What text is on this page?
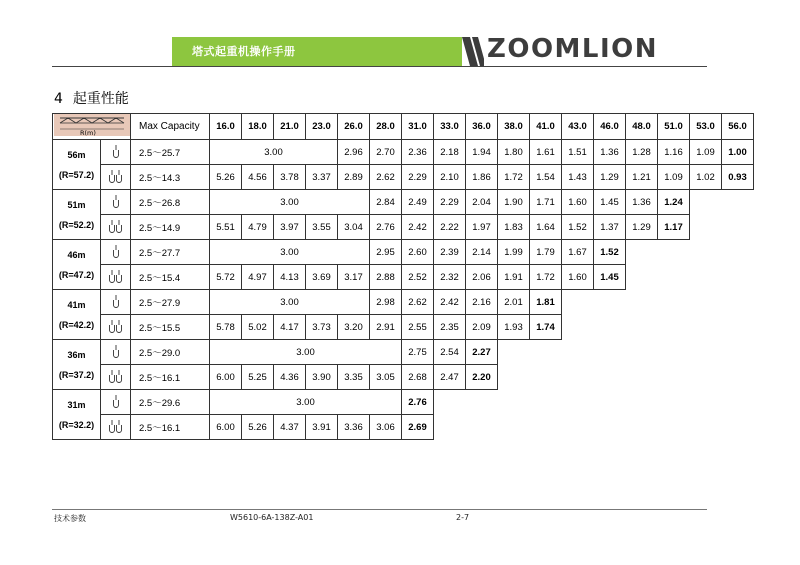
塔式起重机操作手册	ZOOMLION
4 起重性能
R(m)		Max Capacity	16.0	18.0	21.0	23.0	26.0	28.0	31.0	33.0	36.0	38.0	41.0	43.0	46.0	48.0	51.0	53.0	56.0

56m
(R=57.2)		2.5～25.7	3.00				2.96	2.70	2.36	2.18	1.94	1.80	1.61	1.51	1.36	1.28	1.16	1.09	1.00
	2.5～14.3	5.26	4.56	3.78	3.37	2.89	2.62	2.29	2.10	1.86	1.72	1.54	1.43	1.29	1.21	1.09	1.02	0.93

51m
(R=52.2)		2.5～26.8	3.00					2.84	2.49	2.29	2.04	1.90	1.71	1.60	1.45	1.36	1.24		
	2.5～14.9	5.51	4.79	3.97	3.55	3.04	2.76	2.42	2.22	1.97	1.83	1.64	1.52	1.37	1.29	1.17		

46m
(R=47.2)		2.5～27.7	3.00					2.95	2.60	2.39	2.14	1.99	1.79	1.67	1.52				
	2.5～15.4	5.72	4.97	4.13	3.69	3.17	2.88	2.52	2.32	2.06	1.91	1.72	1.60	1.45				

41m
(R=42.2)		2.5～27.9	3.00					2.98	2.62	2.42	2.16	2.01	1.81						
	2.5～15.5	5.78	5.02	4.17	3.73	3.20	2.91	2.55	2.35	2.09	1.93	1.74						

36m
(R=37.2)		2.5～29.0	3.00						2.75	2.54	2.27								
	2.5～16.1	6.00	5.25	4.36	3.90	3.35	3.05	2.68	2.47	2.20								

31m
(R=32.2)		2.5～29.6	3.00						2.76										
	2.5～16.1	6.00	5.26	4.37	3.91	3.36	3.06	2.69										
技术参数	W5610-6A-138Z-A01	2-7
